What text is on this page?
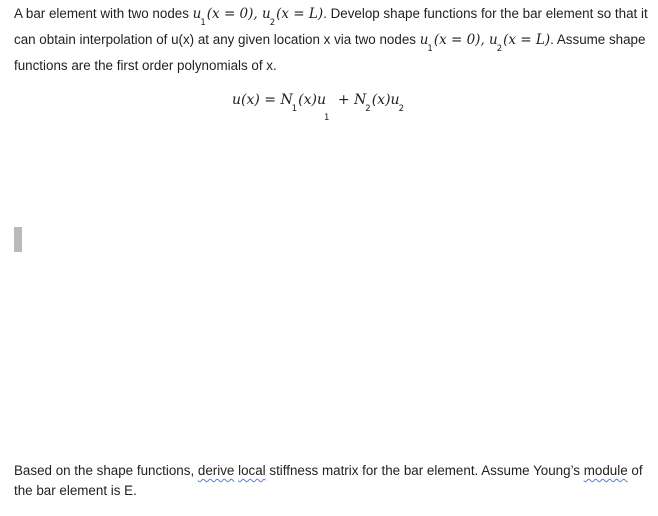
A bar element with two nodes $u_1(x = 0)$, $u_2(x = L)$. Develop shape functions for the bar element so that it can obtain interpolation of u(x) at any given location x via two nodes $u_1(x = 0)$, $u_2(x = L)$. Assume shape functions are the first order polynomials of x.
$u(x) = N_1(x)u_1 + N_2(x)u_2$
Based on the shape functions, derive local stiffness matrix for the bar element. Assume Young’s module of the bar element is E.
